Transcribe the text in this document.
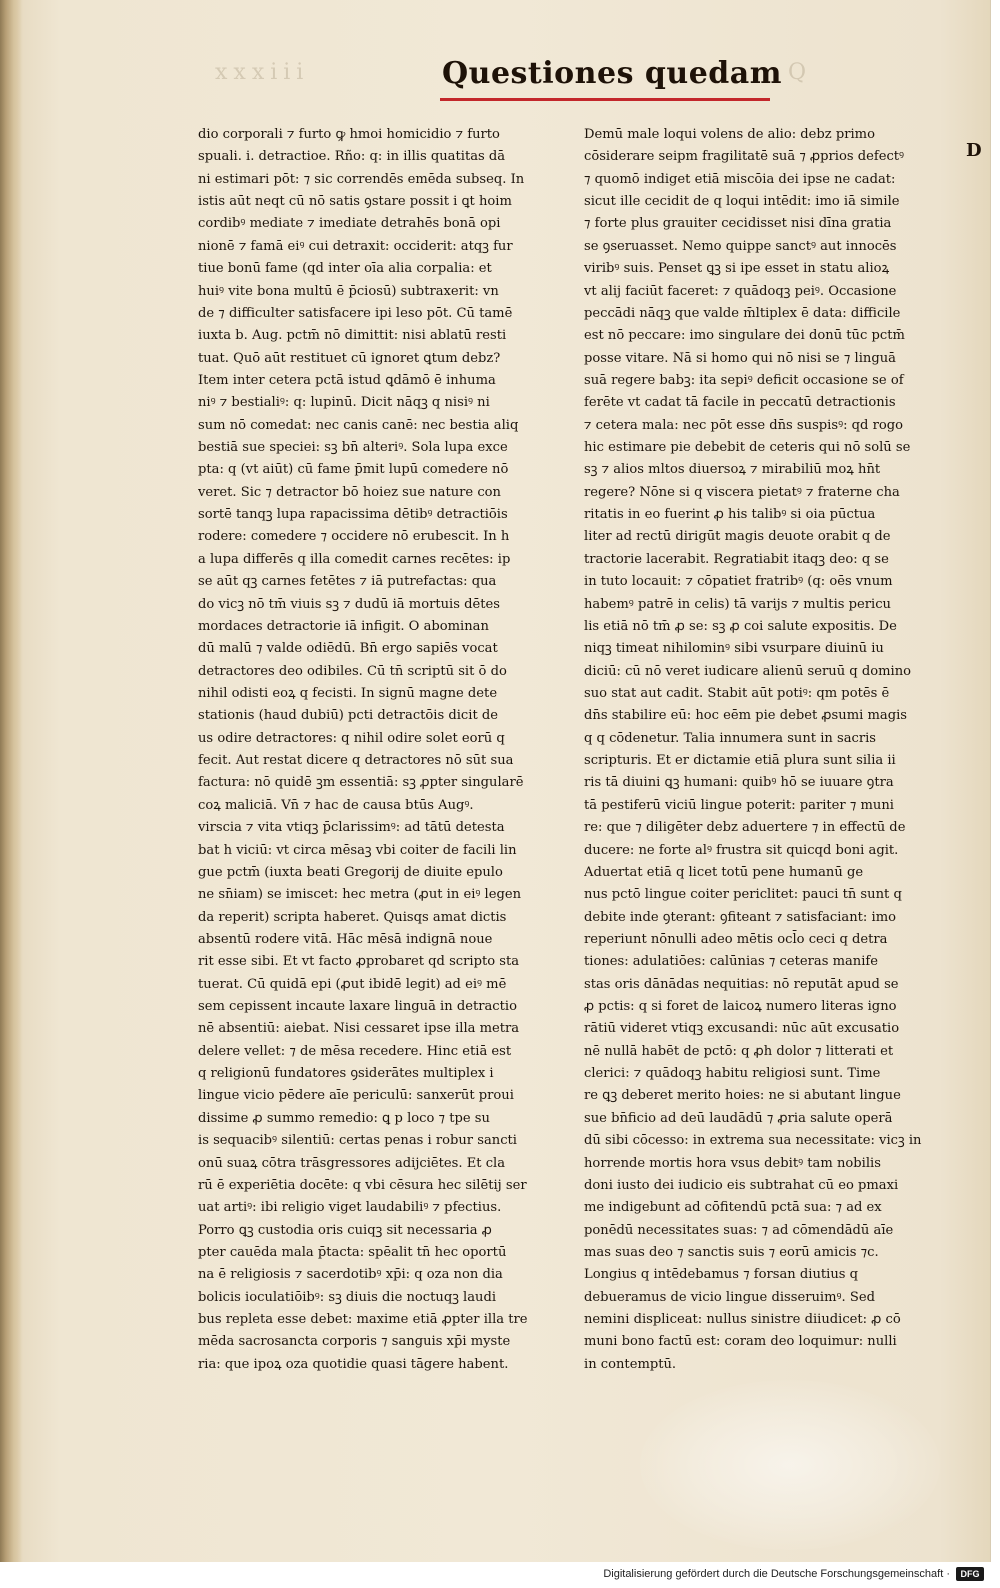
xxxiii	Q
Questiones quedam
D
dio corporali ⁊ furto ꝙ hmoi homicidio ⁊ furto
spuali. i. detractioe. Rño: q: in illis quatitas dā
ni estimari pōt: ⁊ sic correndēs emēda subseq. In
istis aūt neqt cū nō satis ꝯstare possit i ꝗt hoim
cordibꝰ mediate ⁊ imediate detrahēs bonā opi
nionē ⁊ famā eiꝰ cui detraxit: occiderit: atqꝫ fur
tiue bonū fame (qd inter oīa alia corpalia: et
huiꝰ vite bona multū ē p̄ciosū) subtraxerit: vn
de ⁊ difficulter satisfacere ipi leso pōt. Cū tamē
iuxta b. Aug. pctm̄ nō dimittit: nisi ablatū resti
tuat. Quō aūt restituet cū ignoret ꝗtum debz?
Item inter cetera pctā istud ꝗdāmō ē inhuma
niꝰ ⁊ bestialiꝰ: q: lupinū. Dicit nāqꝫ q nisiꝰ ni
sum nō comedat: nec canis canē: nec bestia aliq
bestiā sue speciei: sꝫ bn̄ alteriꝰ. Sola lupa exce
pta: q (vt aiūt) cū fame p̄mit lupū comedere nō
veret. Sic ⁊ detractor bō hoiez sue nature con
sortē tanqꝫ lupa rapacissima dētibꝰ detractiōis
rodere: comedere ⁊ occidere nō erubescit. In h
a lupa differēs q illa comedit carnes recētes: ip
se aūt qꝫ carnes fetētes ⁊ iā putrefactas: qua
do vicꝫ nō tm̄ viuis sꝫ ⁊ dudū iā mortuis dētes
mordaces detractorie iā infigit. O abominan
dū malū ⁊ valde odiēdū. Bn̄ ergo sapiēs vocat
detractores deo odibiles. Cū tn̄ scriptū sit ō do
nihil odisti eoꝝ q fecisti. In signū magne dete
stationis (haud dubiū) pcti detractōis dicit de
us odire detractores: q nihil odire solet eorū q
fecit. Aut restat dicere q detractores nō sūt sua
factura: nō quidē ꝫm essentiā: sꝫ ꝓpter singularē
coꝝ maliciā. Vn̄ ⁊ hac de causa btūs Augꝰ.
virscia ⁊ vita vtiqꝫ p̄clarissimꝰ: ad tātū detesta
bat h viciū: vt circa mēsaꝫ vbi coiter de facili lin
gue pctm̄ (iuxta beati Gregorij de diuite epulo
ne sn̄iam) se imiscet: hec metra (ꝓut in eiꝰ legen
da reperit) scripta haberet. Quisqs amat dictis
absentū rodere vitā. Hāc mēsā indignā noue
rit esse sibi. Et vt facto ꝓprobaret qd scripto sta
tuerat. Cū quidā epi (ꝓut ibidē legit) ad eiꝰ mē
sem cepissent incaute laxare linguā in detractio
nē absentiū: aiebat. Nisi cessaret ipse illa metra
delere vellet: ⁊ de mēsa recedere. Hinc etiā est
q religionū fundatores ꝯsiderātes multiplex i
lingue vicio pēdere aīe periculū: sanxerūt proui
dissime ꝓ summo remedio: ꝗ p loco ⁊ tpe su
is sequacibꝰ silentiū: certas penas i robur sancti
onū suaꝝ cōtra trāsgressores adijciētes. Et cla
rū ē experiētia docēte: q vbi cēsura hec silētij ser
uat artiꝰ: ibi religio viget laudabiliꝰ ⁊ pfectius.
Porro ꝗꝫ custodia oris cuiqꝫ sit necessaria ꝓ
pter cauēda mala p̄tacta: spēalit tn̄ hec oportū
na ē religiosis ⁊ sacerdotibꝰ xp̄i: q oza non dia
bolicis ioculatiōibꝰ: sꝫ diuis die noctuqꝫ laudi
bus repleta esse debet: maxime etiā ꝓpter illa tre
mēda sacrosancta corporis ⁊ sanguis xp̄i myste
ria: que ipoꝝ oza quotidie quasi tāgere habent.
Demū male loqui volens de alio: debz primo
cōsiderare seipm fragilitatē suā ⁊ ꝓprios defectꝰ
⁊ quomō indiget etiā miscōia dei ipse ne cadat:
sicut ille cecidit de q loqui intēdit: imo iā simile
⁊ forte plus grauiter cecidisset nisi dīna gratia
se ꝯseruasset. Nemo quippe sanctꝰ aut innocēs
viribꝰ suis. Penset ꝗꝫ si ipe esset in statu alioꝝ
vt alij faciūt faceret: ⁊ quādoqꝫ peiꝰ. Occasione
peccādi nāqꝫ que valde m̄ltiplex ē data: difficile
est nō peccare: imo singulare dei donū tūc pctm̄
posse vitare. Nā si homo qui nō nisi se ⁊ linguā
suā regere babꝫ: ita sepiꝰ deficit occasione se of
ferēte vt cadat tā facile in peccatū detractionis
⁊ cetera mala: nec pōt esse dn̄s suspisꝰ: qd rogo
hic estimare pie debebit de ceteris qui nō solū se
sꝫ ⁊ alios mltos diuersoꝝ ⁊ mirabiliū moꝝ hn̄t
regere? Nōne si q viscera pietatꝰ ⁊ fraterne cha
ritatis in eo fuerint ꝓ his talibꝰ si oia pūctua
liter ad rectū dirigūt magis deuote orabit q de
tractorie lacerabit. Regratiabit itaqꝫ deo: q se
in tuto locauit: ⁊ cōpatiet fratribꝰ (q: oēs vnum
habemꝰ patrē in celis) tā varijs ⁊ multis pericu
lis etiā nō tm̄ ꝓ se: sꝫ ꝓ coi salute expositis. De
niqꝫ timeat nihilominꝰ sibi vsurpare diuinū iu
diciū: cū nō veret iudicare alienū seruū q domino
suo stat aut cadit. Stabit aūt potiꝰ: qm potēs ē
dn̄s stabilire eū: hoc eēm pie debet ꝓsumi magis
q q cōdenetur. Talia innumera sunt in sacris
scripturis. Et er dictamie etiā plura sunt silia ii
ris tā diuini ꝗꝫ humani: quibꝰ hō se iuuare ꝯtra
tā pestiferū viciū lingue poterit: pariter ⁊ muni
re: que ⁊ diligēter debz aduertere ⁊ in effectū de
ducere: ne forte alꝰ frustra sit quicqd boni agit.
Aduertat etiā q licet totū pene humanū ge
nus pctō lingue coiter periclitet: pauci tn̄ sunt q
debite inde ꝯterant: ꝯfiteant ⁊ satisfaciant: imo
reperiunt nōnulli adeo mētis ocl̄o ceci q detra
tiones: adulatiōes: calūnias ⁊ ceteras manife
stas oris dānādas nequitias: nō reputāt apud se
ꝓ pctis: q si foret de laicoꝝ numero literas igno
rātiū videret vtiqꝫ excusandi: nūc aūt excusatio
nē nullā habēt de pctō: q ꝓh dolor ⁊ litterati et
clerici: ⁊ quādoqꝫ habitu religiosi sunt. Time
re ꝗꝫ deberet merito hoies: ne si abutant lingue
sue bn̄ficio ad deū laudādū ⁊ ꝓria salute operā
dū sibi cōcesso: in extrema sua necessitate: vicꝫ in
horrende mortis hora vsus debitꝰ tam nobilis
doni iusto dei iudicio eis subtrahat cū eo pmaxi
me indigebunt ad cōfitendū pctā sua: ⁊ ad ex
ponēdū necessitates suas: ⁊ ad cōmendādū aīe
mas suas deo ⁊ sanctis suis ⁊ eorū amicis ⁊c.
Longius q intēdebamus ⁊ forsan diutius q
debueramus de vicio lingue disseruimꝰ. Sed
nemini displiceat: nullus sinistre diiudicet: ꝓ cō
muni bono factū est: coram deo loquimur: nulli
in contemptū.
Digitalisierung gefördert durch die Deutsche Forschungsgemeinschaft ·	DFG
